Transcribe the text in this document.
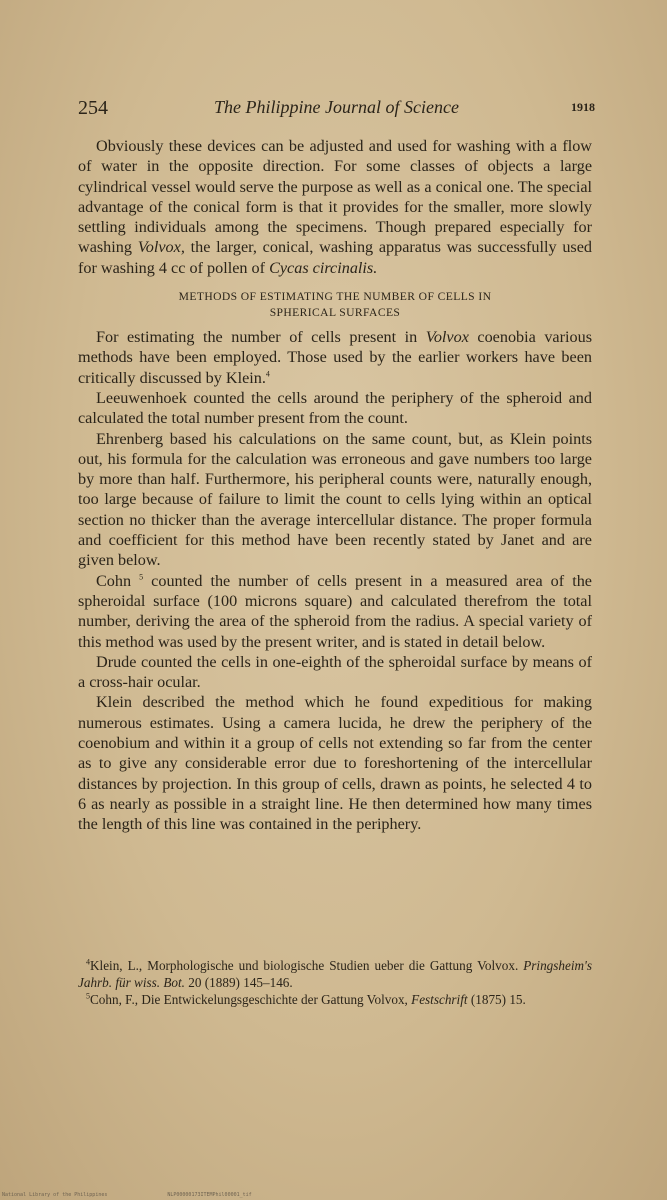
254	The Philippine Journal of Science	1918

Obviously these devices can be adjusted and used for washing with a flow of water in the opposite direction. For some classes of objects a large cylindrical vessel would serve the purpose as well as a conical one. The special advantage of the conical form is that it provides for the smaller, more slowly settling individuals among the specimens. Though prepared especially for washing Volvox, the larger, conical, washing apparatus was successfully used for washing 4 cc of pollen of Cycas circinalis.

METHODS OF ESTIMATING THE NUMBER OF CELLS IN
SPHERICAL SURFACES

For estimating the number of cells present in Volvox coenobia various methods have been employed. Those used by the earlier workers have been critically discussed by Klein.$^4$

Leeuwenhoek counted the cells around the periphery of the spheroid and calculated the total number present from the count.

Ehrenberg based his calculations on the same count, but, as Klein points out, his formula for the calculation was erroneous and gave numbers too large by more than half. Furthermore, his peripheral counts were, naturally enough, too large because of failure to limit the count to cells lying within an optical section no thicker than the average intercellular distance. The proper formula and coefficient for this method have been recently stated by Janet and are given below.

Cohn $^5$ counted the number of cells present in a measured area of the spheroidal surface (100 microns square) and calculated therefrom the total number, deriving the area of the spheroid from the radius. A special variety of this method was used by the present writer, and is stated in detail below.

Drude counted the cells in one-eighth of the spheroidal surface by means of a cross-hair ocular.

Klein described the method which he found expeditious for making numerous estimates. Using a camera lucida, he drew the periphery of the coenobium and within it a group of cells not extending so far from the center as to give any considerable error due to foreshortening of the intercellular distances by projection. In this group of cells, drawn as points, he selected 4 to 6 as nearly as possible in a straight line. He then determined how many times the length of this line was contained in the periphery.

$^4$Klein, L., Morphologische und biologische Studien ueber die Gattung Volvox. Pringsheim's Jahrb. für wiss. Bot. 20 (1889) 145–146.

$^5$Cohn, F., Die Entwickelungsgeschichte der Gattung Volvox, Festschrift (1875) 15.

National Library of the Philippines	NLP00000173ITEMPhil00001_tif
